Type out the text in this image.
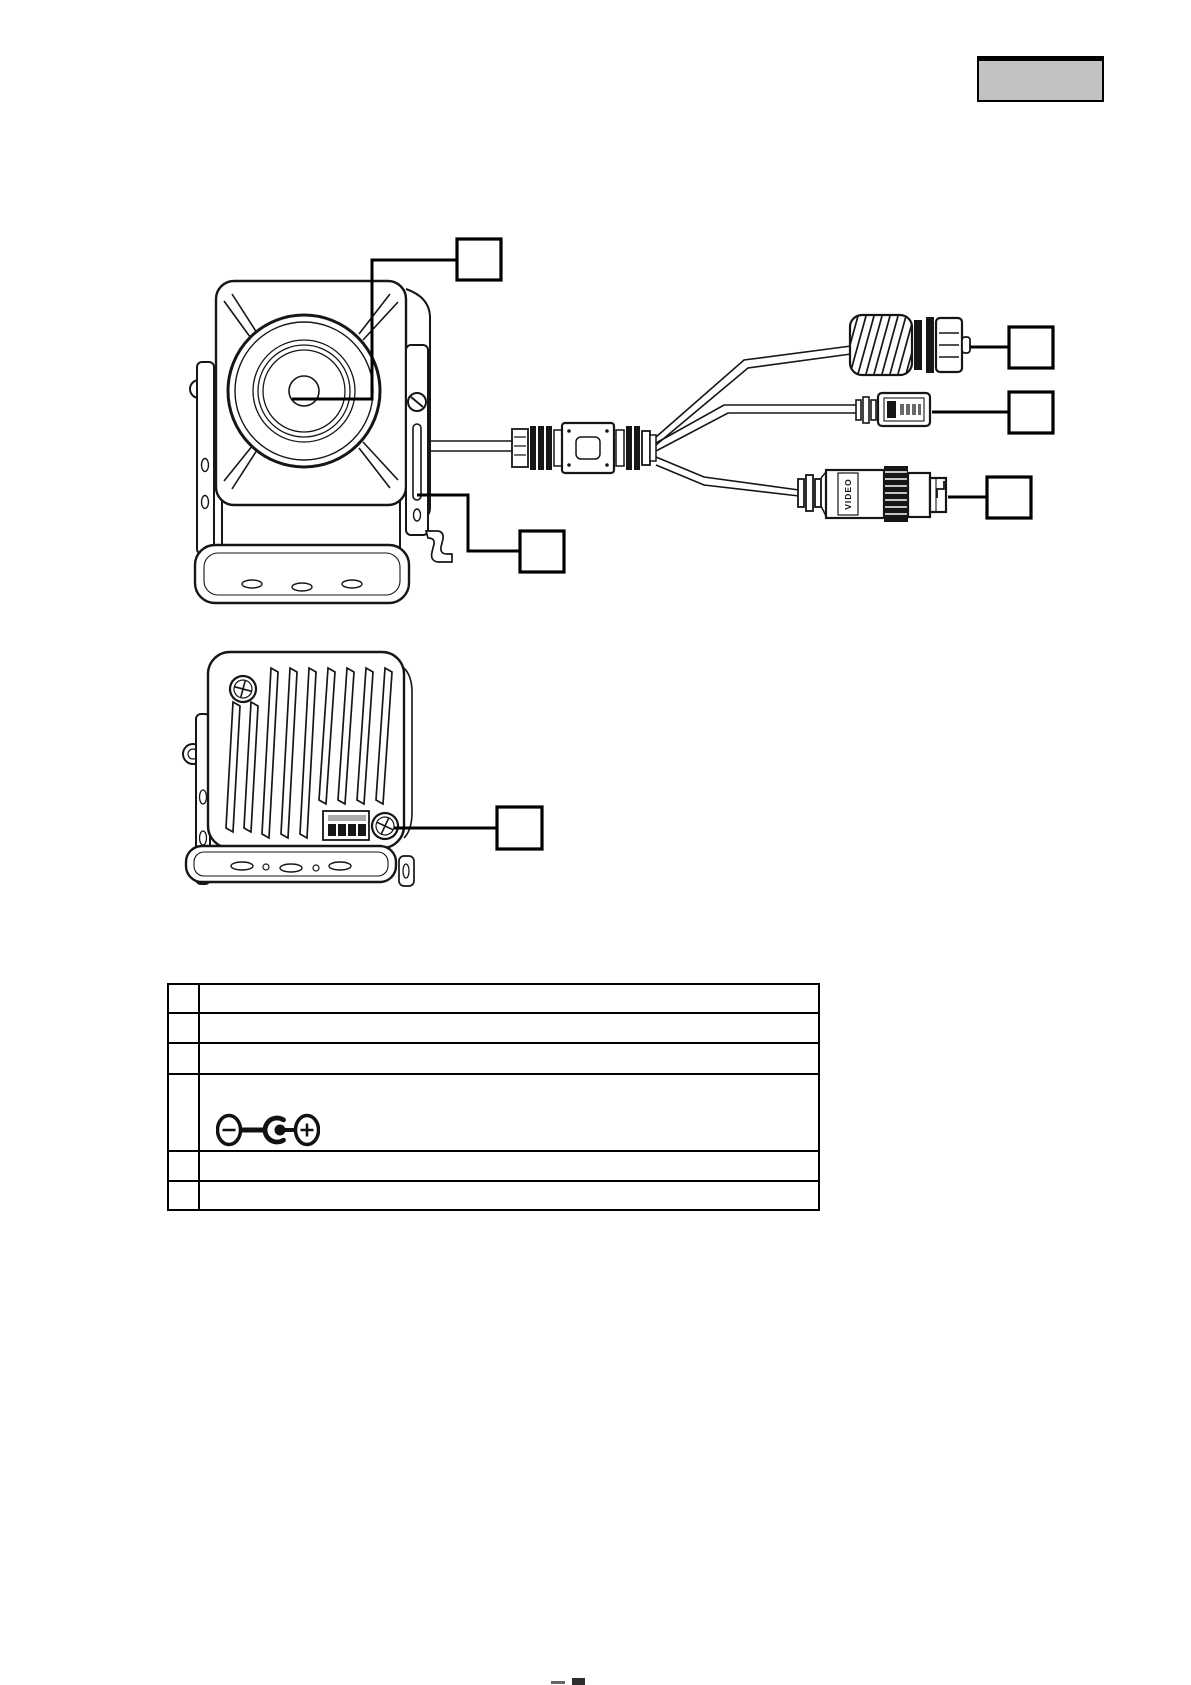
VIDEO
